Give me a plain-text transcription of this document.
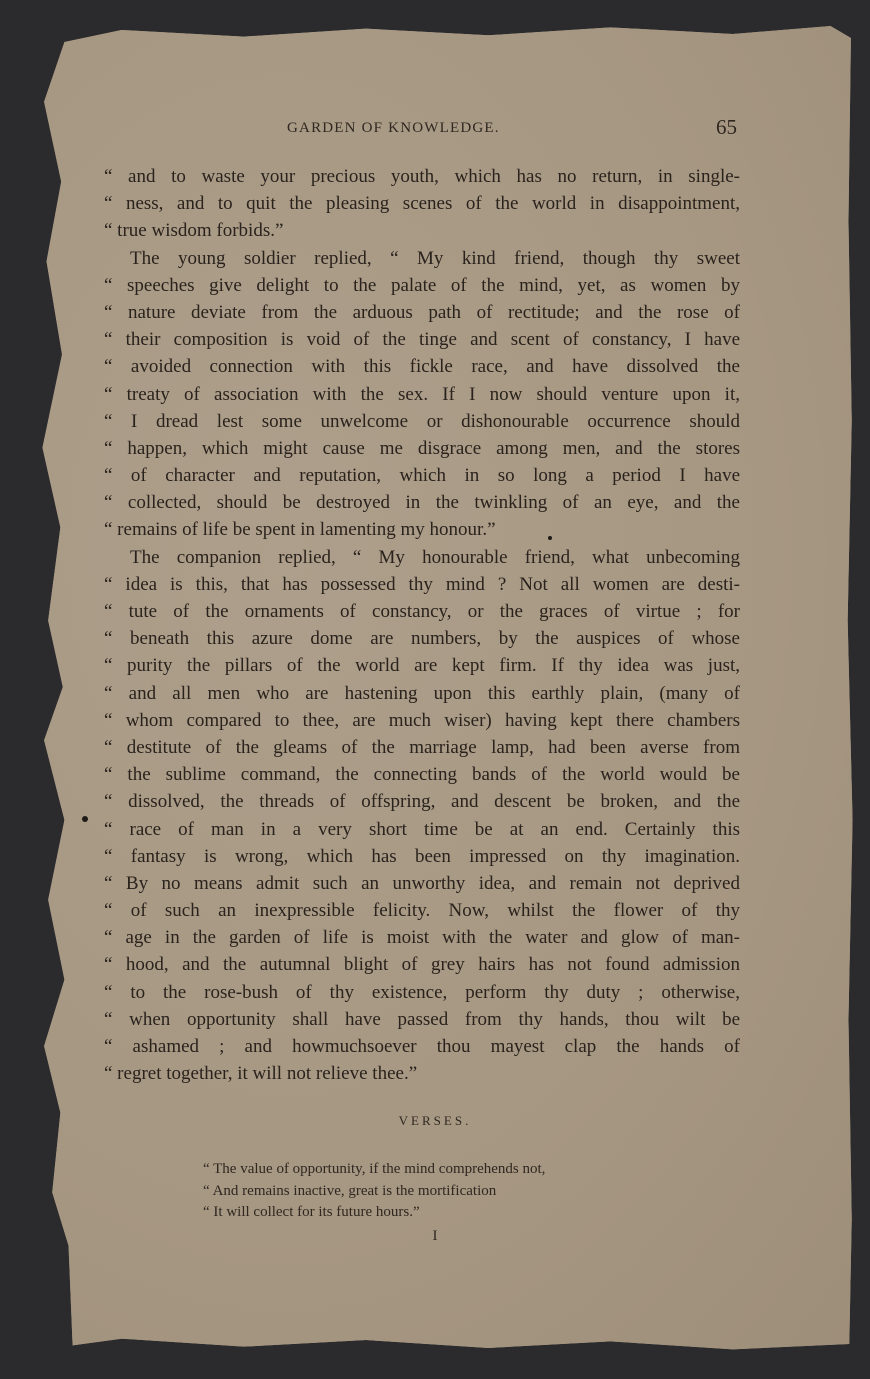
GARDEN OF KNOWLEDGE.	65
“ and to waste your precious youth, which has no return, in single-
“ ness, and to quit the pleasing scenes of the world in disappointment,
“ true wisdom forbids.”
The young soldier replied, “ My kind friend, though thy sweet
“ speeches give delight to the palate of the mind, yet, as women by
“ nature deviate from the arduous path of rectitude; and the rose of
“ their composition is void of the tinge and scent of constancy, I have
“ avoided connection with this fickle race, and have dissolved the
“ treaty of association with the sex. If I now should venture upon it,
“ I dread lest some unwelcome or dishonourable occurrence should
“ happen, which might cause me disgrace among men, and the stores
“ of character and reputation, which in so long a period I have
“ collected, should be destroyed in the twinkling of an eye, and the
“ remains of life be spent in lamenting my honour.”
The companion replied, “ My honourable friend, what unbecoming
“ idea is this, that has possessed thy mind ? Not all women are desti-
“ tute of the ornaments of constancy, or the graces of virtue ; for
“ beneath this azure dome are numbers, by the auspices of whose
“ purity the pillars of the world are kept firm. If thy idea was just,
“ and all men who are hastening upon this earthly plain, (many of
“ whom compared to thee, are much wiser) having kept there chambers
“ destitute of the gleams of the marriage lamp, had been averse from
“ the sublime command, the connecting bands of the world would be
“ dissolved, the threads of offspring, and descent be broken, and the
“ race of man in a very short time be at an end. Certainly this
“ fantasy is wrong, which has been impressed on thy imagination.
“ By no means admit such an unworthy idea, and remain not deprived
“ of such an inexpressible felicity. Now, whilst the flower of thy
“ age in the garden of life is moist with the water and glow of man-
“ hood, and the autumnal blight of grey hairs has not found admission
“ to the rose-bush of thy existence, perform thy duty ; otherwise,
“ when opportunity shall have passed from thy hands, thou wilt be
“ ashamed ; and howmuchsoever thou mayest clap the hands of
“ regret together, it will not relieve thee.”
VERSES.
“ The value of opportunity, if the mind comprehends not,
“ And remains inactive, great is the mortification
“ It will collect for its future hours.”
I
